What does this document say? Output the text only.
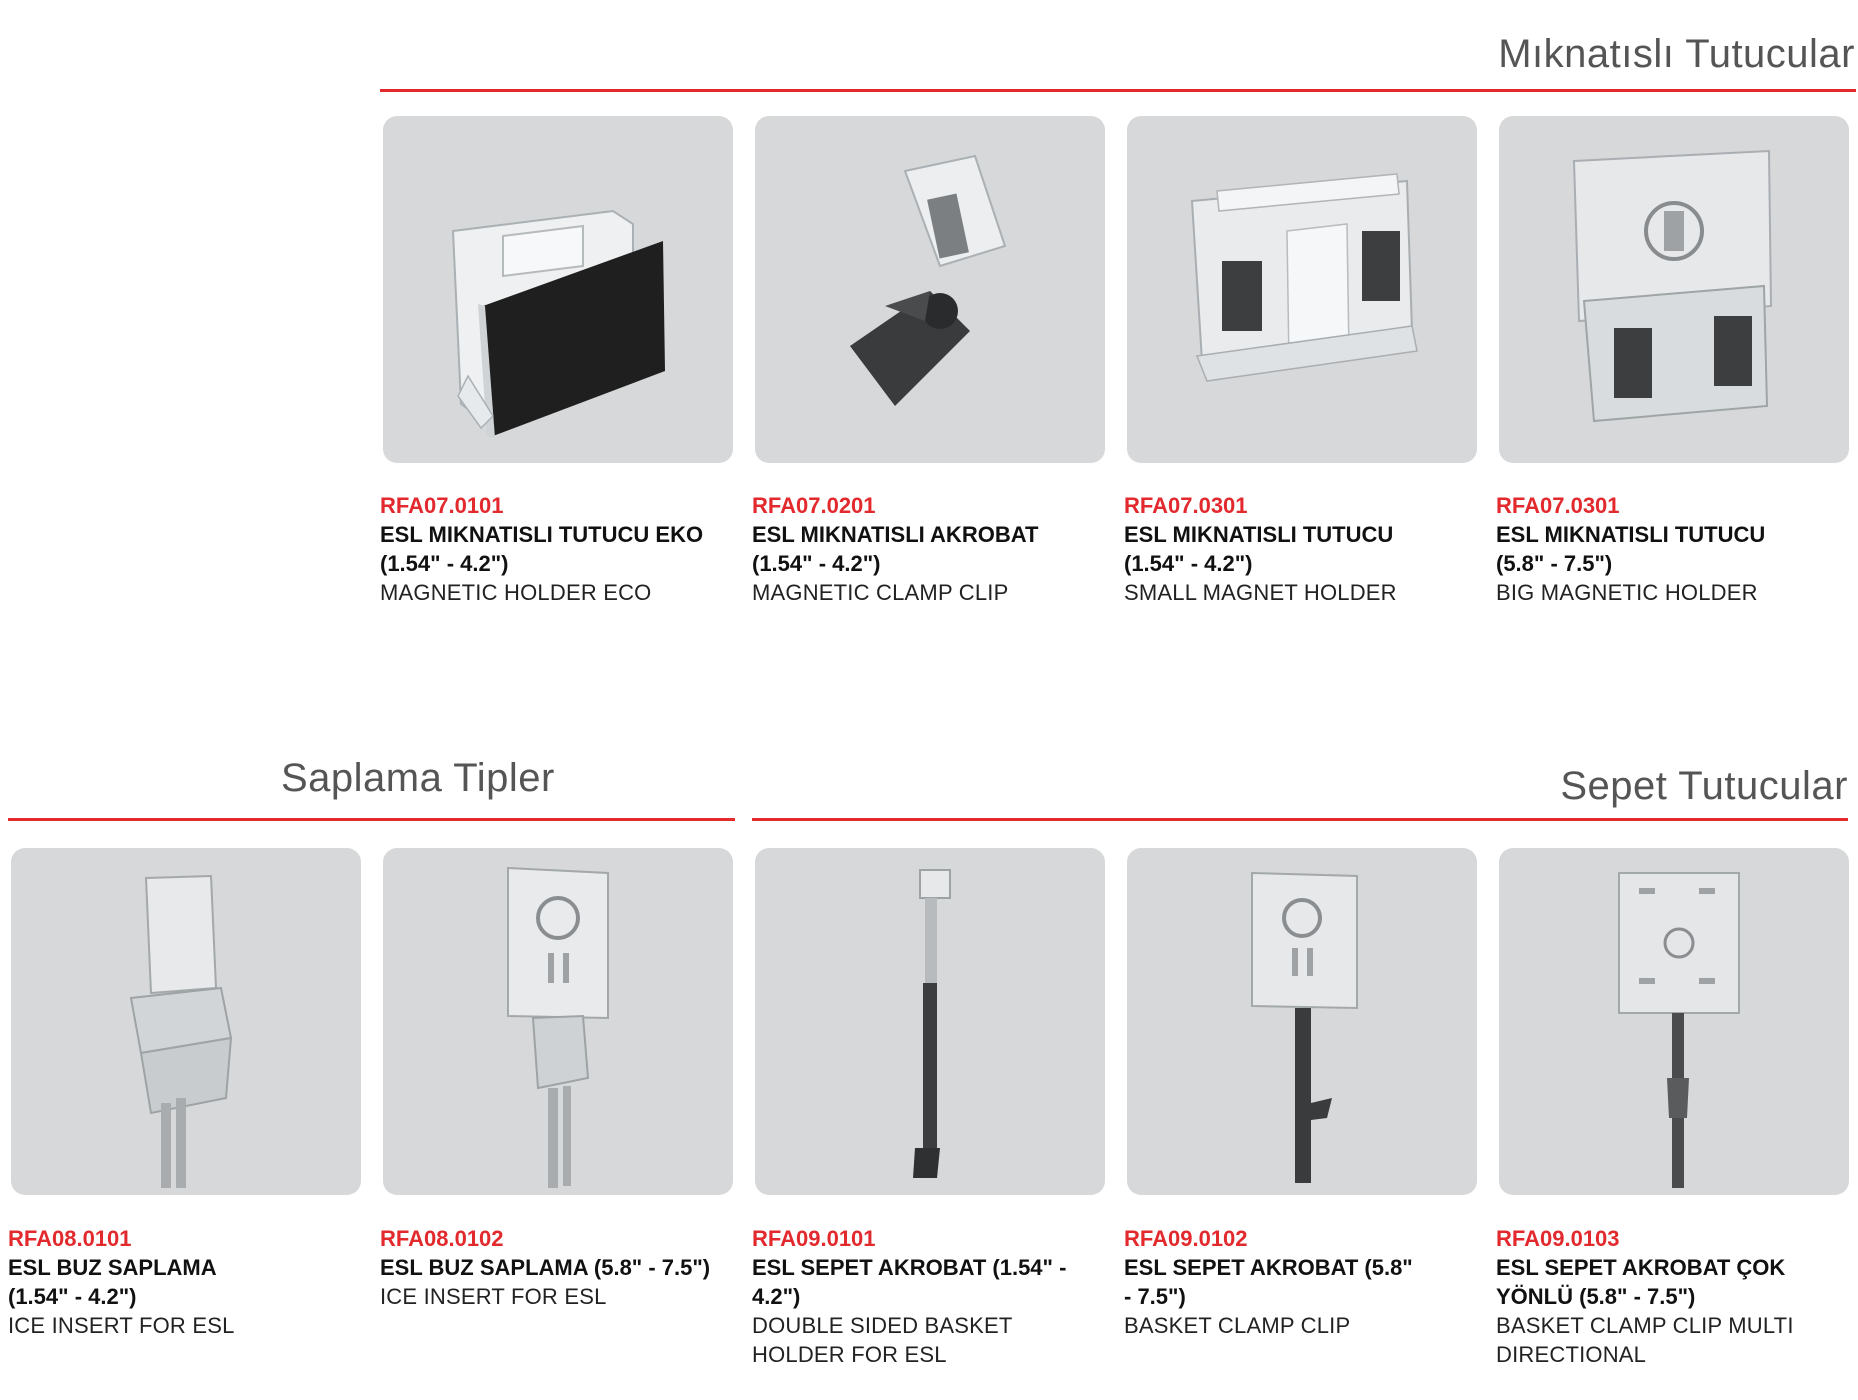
Mıknatıslı Tutucular
Saplama Tipler	Sepet Tutucular
RFA07.0101
ESL MIKNATISLI TUTUCU EKO (1.54" - 4.2")
MAGNETIC HOLDER ECO
RFA07.0201
ESL MIKNATISLI AKROBAT (1.54" - 4.2")
MAGNETIC CLAMP CLIP
RFA07.0301
ESL MIKNATISLI TUTUCU (1.54" - 4.2")
SMALL MAGNET HOLDER
RFA07.0301
ESL MIKNATISLI TUTUCU (5.8" - 7.5")
BIG MAGNETIC HOLDER
RFA08.0101
ESL BUZ SAPLAMA (1.54" - 4.2")
ICE INSERT FOR ESL
RFA08.0102
ESL BUZ SAPLAMA (5.8" - 7.5")
ICE INSERT FOR ESL
RFA09.0101
ESL SEPET AKROBAT (1.54" - 4.2")
DOUBLE SIDED BASKET HOLDER FOR ESL
RFA09.0102
ESL SEPET AKROBAT (5.8" - 7.5")
BASKET CLAMP CLIP
RFA09.0103
ESL SEPET AKROBAT ÇOK YÖNLÜ (5.8" - 7.5")
BASKET CLAMP CLIP MULTI DIRECTIONAL
